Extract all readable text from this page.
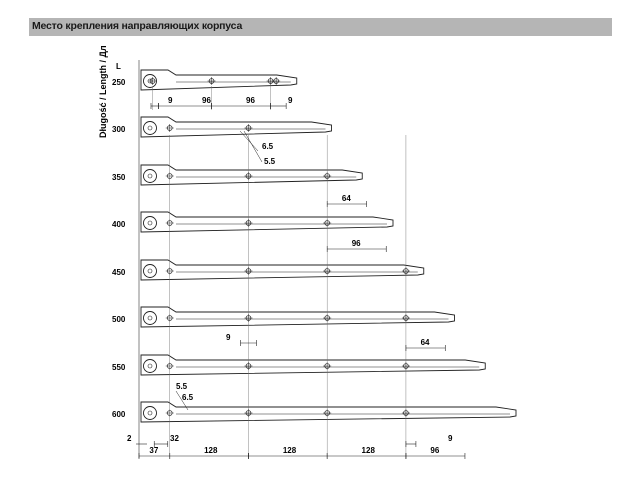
Место крепления направляющих корпуса
Długość / Length / Дл L
250
300
350
400
450
500
550
600
9	96	96	9
6.5
5.5
64
96
9
64
5.5
6.5
2	32	9
37	128	128	128	96
